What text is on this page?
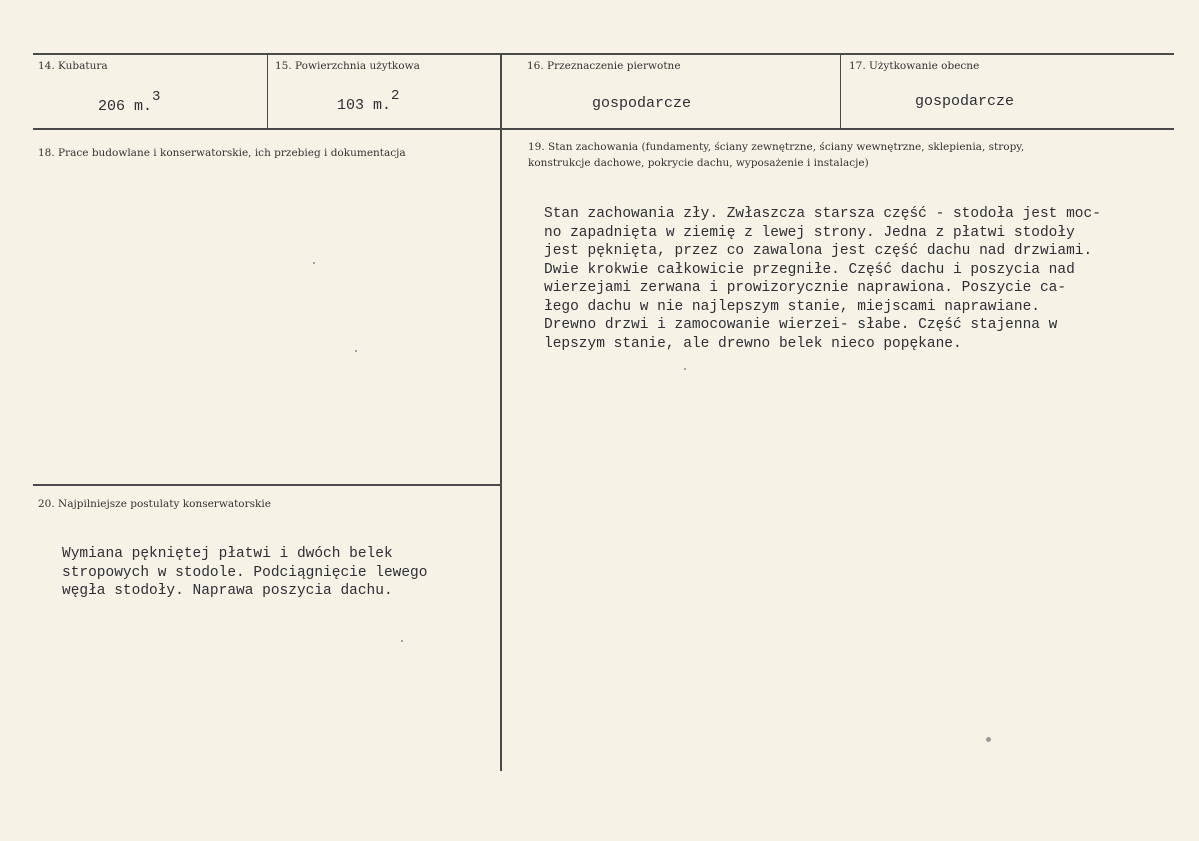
14. Kubatura
206 m.3
15. Powierzchnia użytkowa
103 m.2
16. Przeznaczenie pierwotne
gospodarcze
17. Użytkowanie obecne
gospodarcze
18. Prace budowlane i konserwatorskie, ich przebieg i dokumentacja	19. Stan zachowania (fundamenty, ściany zewnętrzne, ściany wewnętrzne, sklepienia, stropy,
konstrukcje dachowe, pokrycie dachu, wyposażenie i instalacje)
Stan zachowania zły. Zwłaszcza starsza część - stodoła jest moc-
no zapadnięta w ziemię z lewej strony. Jedna z płatwi stodoły
jest pęknięta, przez co zawalona jest część dachu nad drzwiami.
Dwie krokwie całkowicie przegniłe. Część dachu i poszycia nad
wierzejami zerwana i prowizorycznie naprawiona. Poszycie ca-
łego dachu w nie najlepszym stanie, miejscami naprawiane.
Drewno drzwi i zamocowanie wierzei- słabe. Część stajenna w
lepszym stanie, ale drewno belek nieco popękane.
20. Najpilniejsze postulaty konserwatorskie
Wymiana pękniętej płatwi i dwóch belek
stropowych w stodole. Podciągnięcie lewego
węgła stodoły. Naprawa poszycia dachu.
